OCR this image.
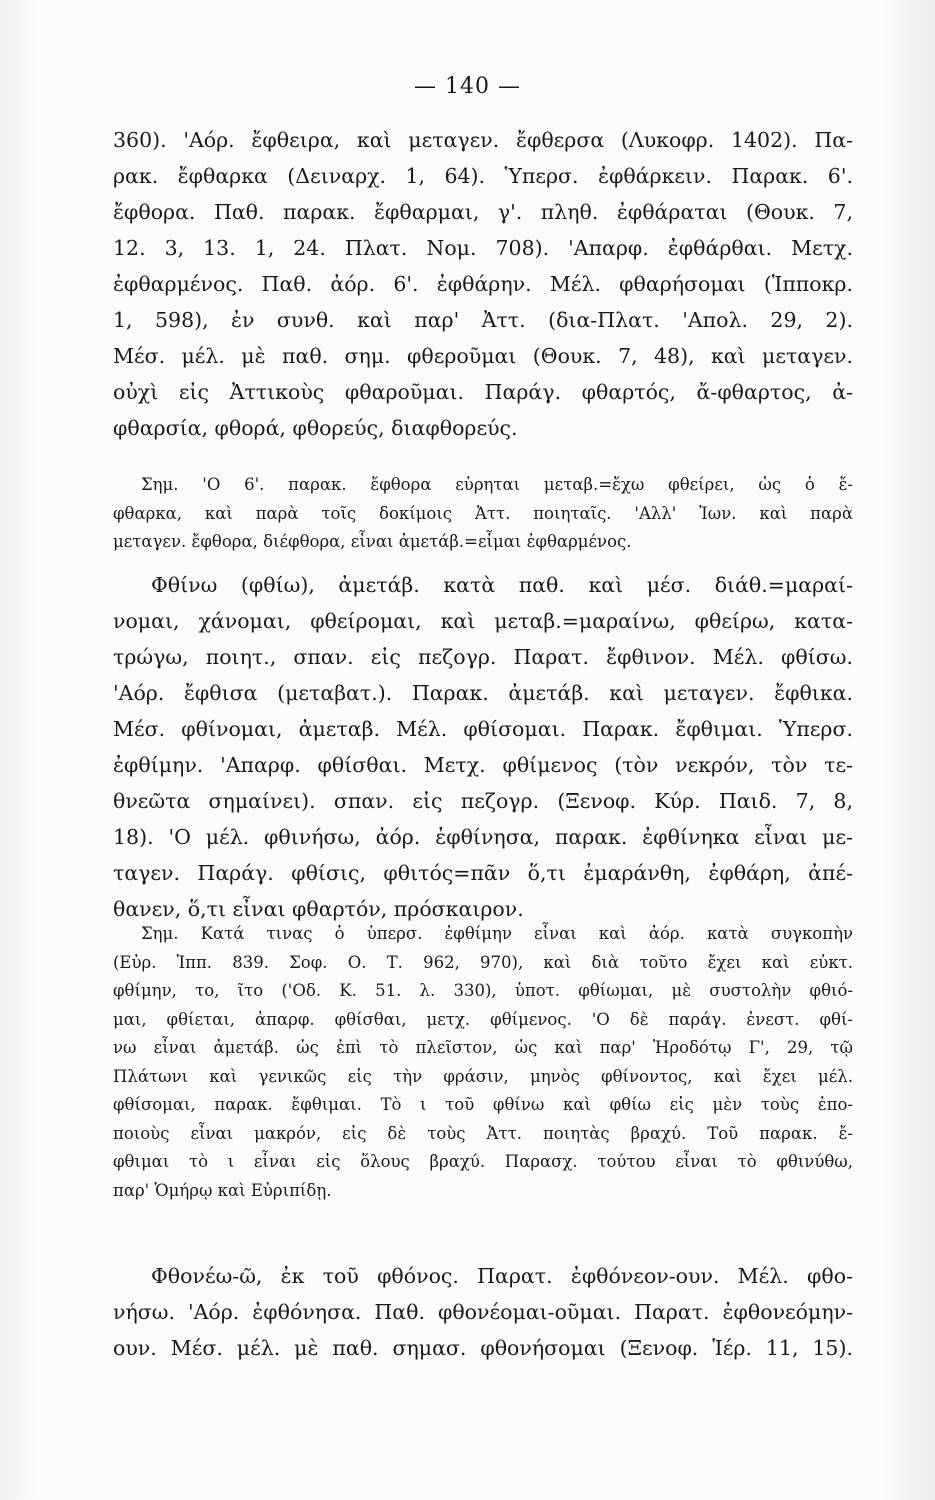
— 140 —
360). 'Αόρ. ἔφθειρα, καὶ μεταγεν. ἔφθερσα (Λυκοφρ. 1402). Πα-
ρακ. ἔφθαρκα (Δειναρχ. 1, 64). Ὑπερσ. ἐφθάρκειν. Παρακ. 6'.
ἔφθορα. Παθ. παρακ. ἔφθαρμαι, γ'. πληθ. ἐφθάραται (Θουκ. 7,
12. 3, 13. 1, 24. Πλατ. Νομ. 708). 'Απαρφ. ἐφθάρθαι. Μετχ.
ἐφθαρμένος. Παθ. ἀόρ. 6'. ἐφθάρην. Μέλ. φθαρήσομαι (Ἱπποκρ.
1, 598), ἐν συνθ. καὶ παρ' Ἀττ. (δια-Πλατ. 'Απολ. 29, 2).
Μέσ. μέλ. μὲ παθ. σημ. φθεροῦμαι (Θουκ. 7, 48), καὶ μεταγεν.
οὐχὶ εἰς Ἀττικοὺς φθαροῦμαι. Παράγ. φθαρτός, ἄ-φθαρτος, ἀ-
φθαρσία, φθορά, φθορεύς, διαφθορεύς.
Σημ. 'Ο 6'. παρακ. ἔφθορα εὑρηται μεταβ.=ἔχω φθείρει, ὡς ὁ ἔ-
φθαρκα, καὶ παρὰ τοῖς δοκίμοις Ἀττ. ποιηταῖς. 'Αλλ' Ἰων. καὶ παρὰ
μεταγεν. ἔφθορα, διέφθορα, εἶναι ἀμετάβ.=εἶμαι ἐφθαρμένος.
Φθίνω (φθίω), ἀμετάβ. κατὰ παθ. καὶ μέσ. διάθ.=μαραί-
νομαι, χάνομαι, φθείρομαι, καὶ μεταβ.=μαραίνω, φθείρω, κατα-
τρώγω, ποιητ., σπαν. εἰς πεζογρ. Παρατ. ἔφθινον. Μέλ. φθίσω.
'Αόρ. ἔφθισα (μεταβατ.). Παρακ. ἀμετάβ. καὶ μεταγεν. ἔφθικα.
Μέσ. φθίνομαι, ἀμεταβ. Μέλ. φθίσομαι. Παρακ. ἔφθιμαι. Ὑπερσ.
ἐφθίμην. 'Απαρφ. φθίσθαι. Μετχ. φθίμενος (τὸν νεκρόν, τὸν τε-
θνεῶτα σημαίνει). σπαν. εἰς πεζογρ. (Ξενοφ. Κύρ. Παιδ. 7, 8,
18). 'Ο μέλ. φθινήσω, ἀόρ. ἐφθίνησα, παρακ. ἐφθίνηκα εἶναι με-
ταγεν. Παράγ. φθίσις, φθιτός=πᾶν ὅ,τι ἐμαράνθη, ἐφθάρη, ἀπέ-
θανεν, ὅ,τι εἶναι φθαρτόν, πρόσκαιρον.
Σημ. Κατά τινας ὁ ὑπερσ. ἐφθίμην εἶναι καὶ ἀόρ. κατὰ συγκοπὴν
(Εὐρ. Ἱππ. 839. Σοφ. Ο. Τ. 962, 970), καὶ διὰ τοῦτο ἔχει καὶ εὐκτ.
φθίμην, το, ῖτο ('Οδ. Κ. 51. λ. 330), ὑποτ. φθίωμαι, μὲ συστολὴν φθιό-
μαι, φθίεται, ἀπαρφ. φθίσθαι, μετχ. φθίμενος. 'Ο δὲ παράγ. ἐνεστ. φθί-
νω εἶναι ἀμετάβ. ὡς ἐπὶ τὸ πλεῖστον, ὡς καὶ παρ' Ἡροδότῳ Γ', 29, τῷ
Πλάτωνι καὶ γενικῶς εἰς τὴν φράσιν, μηνὸς φθίνοντος, καὶ ἔχει μέλ.
φθίσομαι, παρακ. ἔφθιμαι. Τὸ ι τοῦ φθίνω καὶ φθίω εἰς μὲν τοὺς ἐπο-
ποιοὺς εἶναι μακρόν, εἰς δὲ τοὺς Ἀττ. ποιητὰς βραχύ. Τοῦ παρακ. ἔ-
φθιμαι τὸ ι εἶναι εἰς ὅλους βραχύ. Παρασχ. τούτου εἶναι τὸ φθινύθω,
παρ' Ὁμήρῳ καὶ Εὐριπίδῃ.
Φθονέω-ῶ, ἐκ τοῦ φθόνος. Παρατ. ἐφθόνεον-ουν. Μέλ. φθο-
νήσω. 'Αόρ. ἐφθόνησα. Παθ. φθονέομαι-οῦμαι. Παρατ. ἐφθονεόμην-
ουν. Μέσ. μέλ. μὲ παθ. σημασ. φθονήσομαι (Ξενοφ. Ἱέρ. 11, 15).
